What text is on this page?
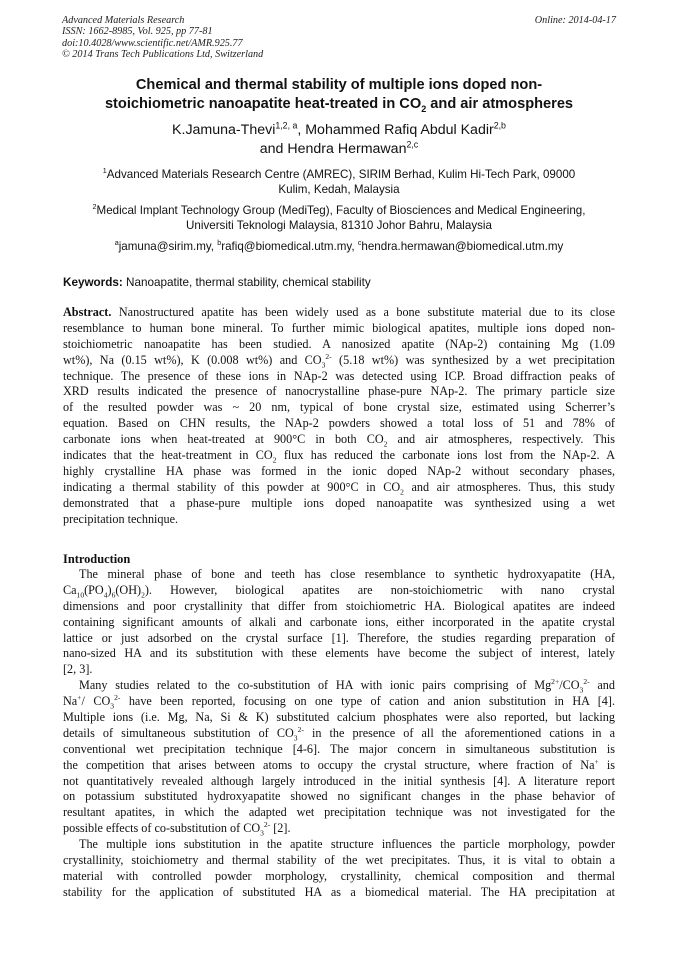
Advanced Materials Research
ISSN: 1662-8985, Vol. 925, pp 77-81
doi:10.4028/www.scientific.net/AMR.925.77
© 2014 Trans Tech Publications Ltd, Switzerland
Online: 2014-04-17
Chemical and thermal stability of multiple ions doped non-
stoichiometric nanoapatite heat-treated in $CO_2$ and air atmospheres
K.Jamuna-Thevi$^{1,2, a}$, Mohammed Rafiq Abdul Kadir$^{2,b}$
and Hendra Hermawan$^{2,c}$
$^1$Advanced Materials Research Centre (AMREC), SIRIM Berhad, Kulim Hi-Tech Park, 09000
Kulim, Kedah, Malaysia
$^2$Medical Implant Technology Group (MediTeg), Faculty of Biosciences and Medical Engineering,
Universiti Teknologi Malaysia, 81310 Johor Bahru, Malaysia
$^a$jamuna@sirim.my, $^b$rafiq@biomedical.utm.my, $^c$hendra.hermawan@biomedical.utm.my
Keywords: Nanoapatite, thermal stability, chemical stability
Abstract. Nanostructured apatite has been widely used as a bone substitute material due to its close
resemblance to human bone mineral. To further mimic biological apatites, multiple ions doped non-
stoichiometric nanoapatite has been studied. A nanosized apatite (NAp-2) containing Mg (1.09
wt%), Na (0.15 wt%), K (0.008 wt%) and $CO_3^{2-}$ (5.18 wt%) was synthesized by a wet precipitation
technique. The presence of these ions in NAp-2 was detected using ICP. Broad diffraction peaks of
XRD results indicated the presence of nanocrystalline phase-pure NAp-2. The primary particle size
of the resulted powder was ~ 20 nm, typical of bone crystal size, estimated using Scherrer’s
equation. Based on CHN results, the NAp-2 powders showed a total loss of 51 and 78% of
carbonate ions when heat-treated at 900°C in both $CO_2$ and air atmospheres, respectively. This
indicates that the heat-treatment in $CO_2$ flux has reduced the carbonate ions lost from the NAp-2. A
highly crystalline HA phase was formed in the ionic doped NAp-2 without secondary phases,
indicating a thermal stability of this powder at 900°C in $CO_2$ and air atmospheres. Thus, this study
demonstrated that a phase-pure multiple ions doped nanoapatite was synthesized using a wet
precipitation technique.
Introduction
The mineral phase of bone and teeth has close resemblance to synthetic hydroxyapatite (HA,
$Ca_{10}(PO_4)_6(OH)_2$). However, biological apatites are non-stoichiometric with nano crystal
dimensions and poor crystallinity that differ from stoichiometric HA. Biological apatites are indeed
containing significant amounts of alkali and carbonate ions, either incorporated in the apatite crystal
lattice or just adsorbed on the crystal surface [1]. Therefore, the studies regarding preparation of
nano-sized HA and its substitution with these elements have become the subject of interest, lately
[2, 3].
Many studies related to the co-substitution of HA with ionic pairs comprising of $Mg^{2+}/CO_3^{2-}$ and
Na+/ $CO_3^{2-}$ have been reported, focusing on one type of cation and anion substitution in HA [4].
Multiple ions (i.e. Mg, Na, Si & K) substituted calcium phosphates were also reported, but lacking
details of simultaneous substitution of $CO_3^{2-}$ in the presence of all the aforementioned cations in a
conventional wet precipitation technique [4-6]. The major concern in simultaneous substitution is
the competition that arises between atoms to occupy the crystal structure, where fraction of Na+ is
not quantitatively revealed although largely introduced in the initial synthesis [4]. A literature report
on potassium substituted hydroxyapatite showed no significant changes in the phase behavior of
resultant apatites, in which the adapted wet precipitation technique was not investigated for the
possible effects of co-substitution of $CO_3^{2-}$ [2].
The multiple ions substitution in the apatite structure influences the particle morphology, powder
crystallinity, stoichiometry and thermal stability of the wet precipitates. Thus, it is vital to obtain a
material with controlled powder morphology, crystallinity, chemical composition and thermal
stability for the application of substituted HA as a biomedical material. The HA precipitation at
